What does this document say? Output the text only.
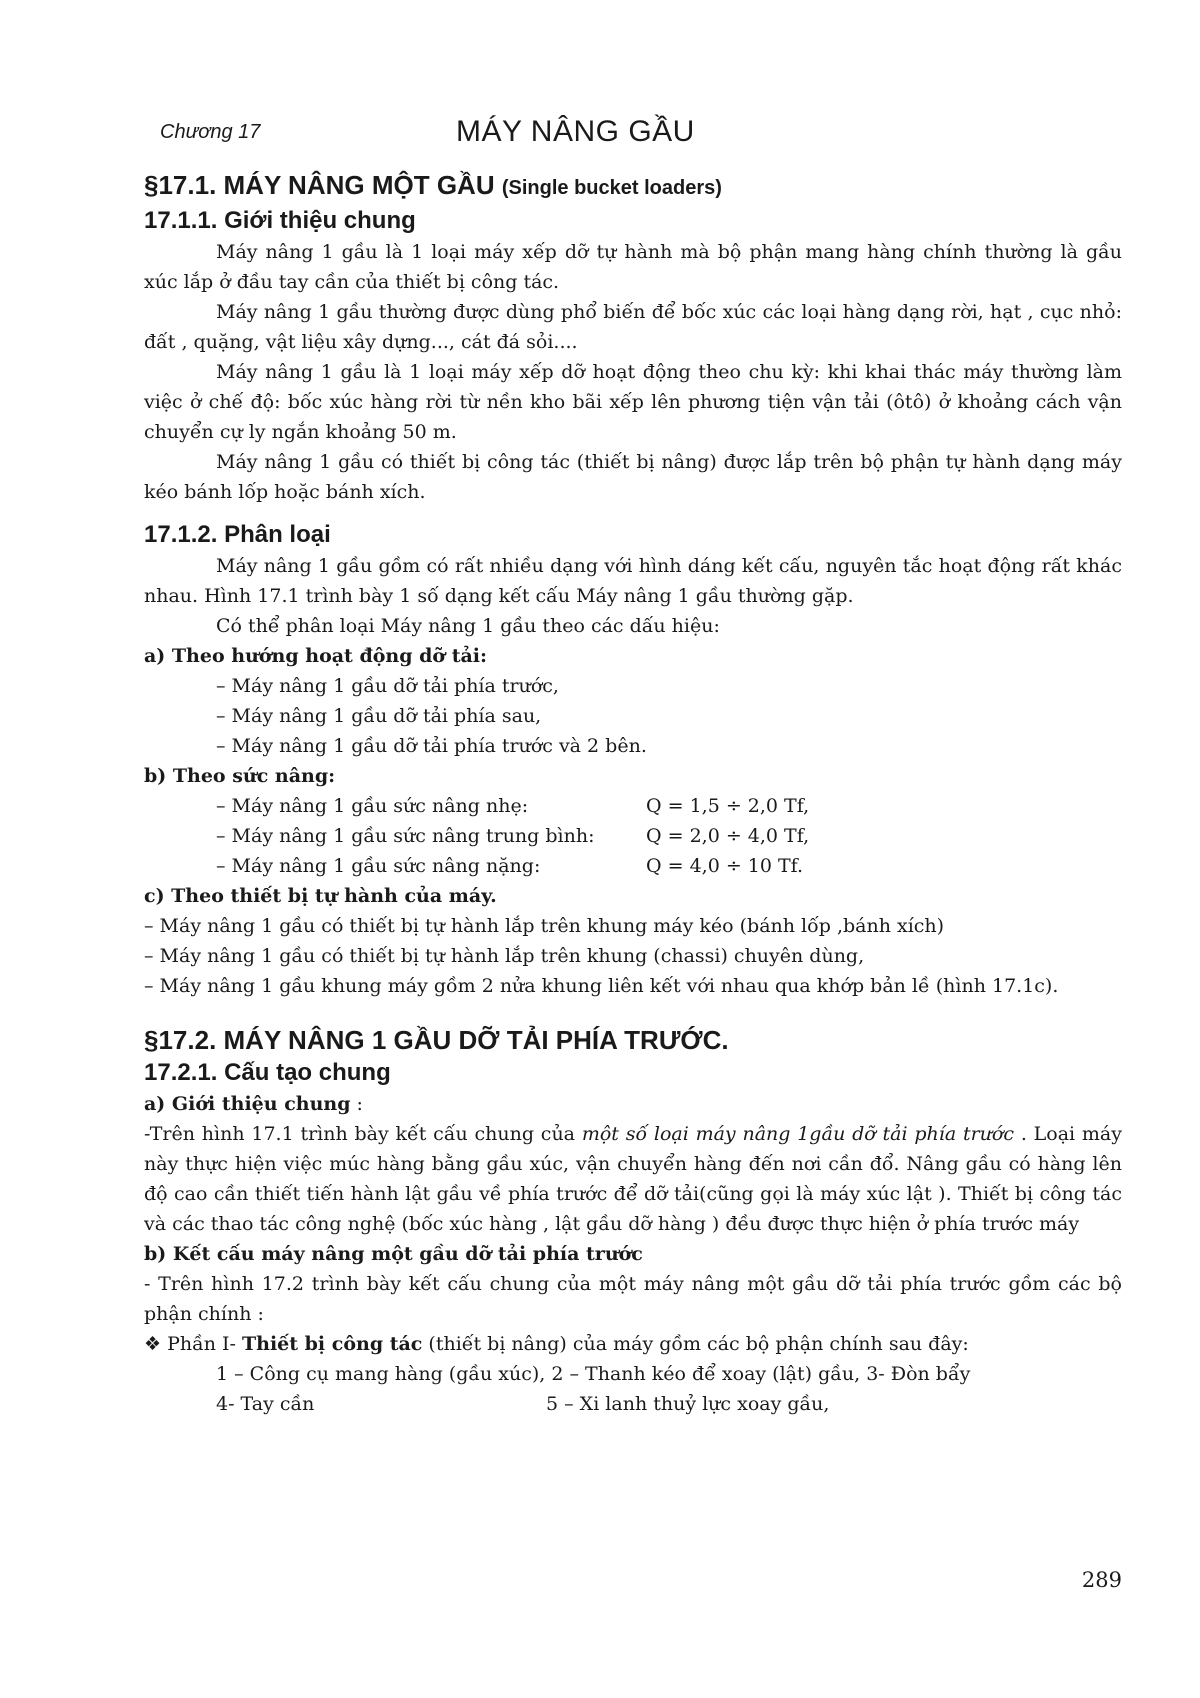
Chương 17	MÁY NÂNG GẦU
§17.1. MÁY NÂNG MỘT GẦU (Single bucket loaders)
17.1.1. Giới thiệu chung

Máy nâng 1 gầu là 1 loại máy xếp dỡ tự hành mà bộ phận mang hàng chính thường là gầu xúc lắp ở đầu tay cần của thiết bị công tác.

Máy nâng 1 gầu thường được dùng phổ biến để bốc xúc các loại hàng dạng rời, hạt , cục nhỏ: đất , quặng, vật liệu xây dựng..., cát đá sỏi....

Máy nâng 1 gầu là 1 loại máy xếp dỡ hoạt động theo chu kỳ: khi khai thác máy thường làm việc ở chế độ: bốc xúc hàng rời từ nền kho bãi xếp lên phương tiện vận tải (ôtô) ở khoảng cách vận chuyển cự ly ngắn khoảng 50 m.

Máy nâng 1 gầu có thiết bị công tác (thiết bị nâng) được lắp trên bộ phận tự hành dạng máy kéo bánh lốp hoặc bánh xích.

17.1.2. Phân loại

Máy nâng 1 gầu gồm có rất nhiều dạng với hình dáng kết cấu, nguyên tắc hoạt động rất khác nhau. Hình 17.1 trình bày 1 số dạng kết cấu Máy nâng 1 gầu thường gặp.

Có thể phân loại Máy nâng 1 gầu theo các dấu hiệu:

a) Theo hướng hoạt động dỡ tải:

– Máy nâng 1 gầu dỡ tải phía trước,

– Máy nâng 1 gầu dỡ tải phía sau,

– Máy nâng 1 gầu dỡ tải phía trước và 2 bên.

b) Theo sức nâng:

– Máy nâng 1 gầu sức nâng nhẹ:	Q = 1,5 ÷ 2,0 Tf,
– Máy nâng 1 gầu sức nâng trung bình:	Q = 2,0 ÷ 4,0 Tf,
– Máy nâng 1 gầu sức nâng nặng:	Q = 4,0 ÷ 10 Tf.

c) Theo thiết bị tự hành của máy.

– Máy nâng 1 gầu có thiết bị tự hành lắp trên khung máy kéo (bánh lốp ,bánh xích)

– Máy nâng 1 gầu có thiết bị tự hành lắp trên khung (chassi) chuyên dùng,

– Máy nâng 1 gầu khung máy gồm 2 nửa khung liên kết với nhau qua khớp bản lề (hình 17.1c).

§17.2. MÁY NÂNG 1 GẦU DỠ TẢI PHÍA TRƯỚC.
17.2.1. Cấu tạo chung

a) Giới thiệu chung :

-Trên hình 17.1 trình bày kết cấu chung của một số loại máy nâng 1gầu dỡ tải phía trước . Loại máy này thực hiện việc múc hàng bằng gầu xúc, vận chuyển hàng đến nơi cần đổ. Nâng gầu có hàng lên độ cao cần thiết tiến hành lật gầu về phía trước để dỡ tải(cũng gọi là máy xúc lật ). Thiết bị công tác và các thao tác công nghệ (bốc xúc hàng , lật gầu dỡ hàng ) đều được thực hiện ở phía trước máy

b) Kết cấu máy nâng một gầu dỡ tải phía trước

- Trên hình 17.2 trình bày kết cấu chung của một máy nâng một gầu dỡ tải phía trước gồm các bộ phận chính :

❖ Phần I- Thiết bị công tác (thiết bị nâng) của máy gồm các bộ phận chính sau đây:

1 – Công cụ mang hàng (gầu xúc), 2 – Thanh kéo để xoay (lật) gầu, 3- Đòn bẩy

4- Tay cần	5 – Xi lanh thuỷ lực xoay gầu,
289
